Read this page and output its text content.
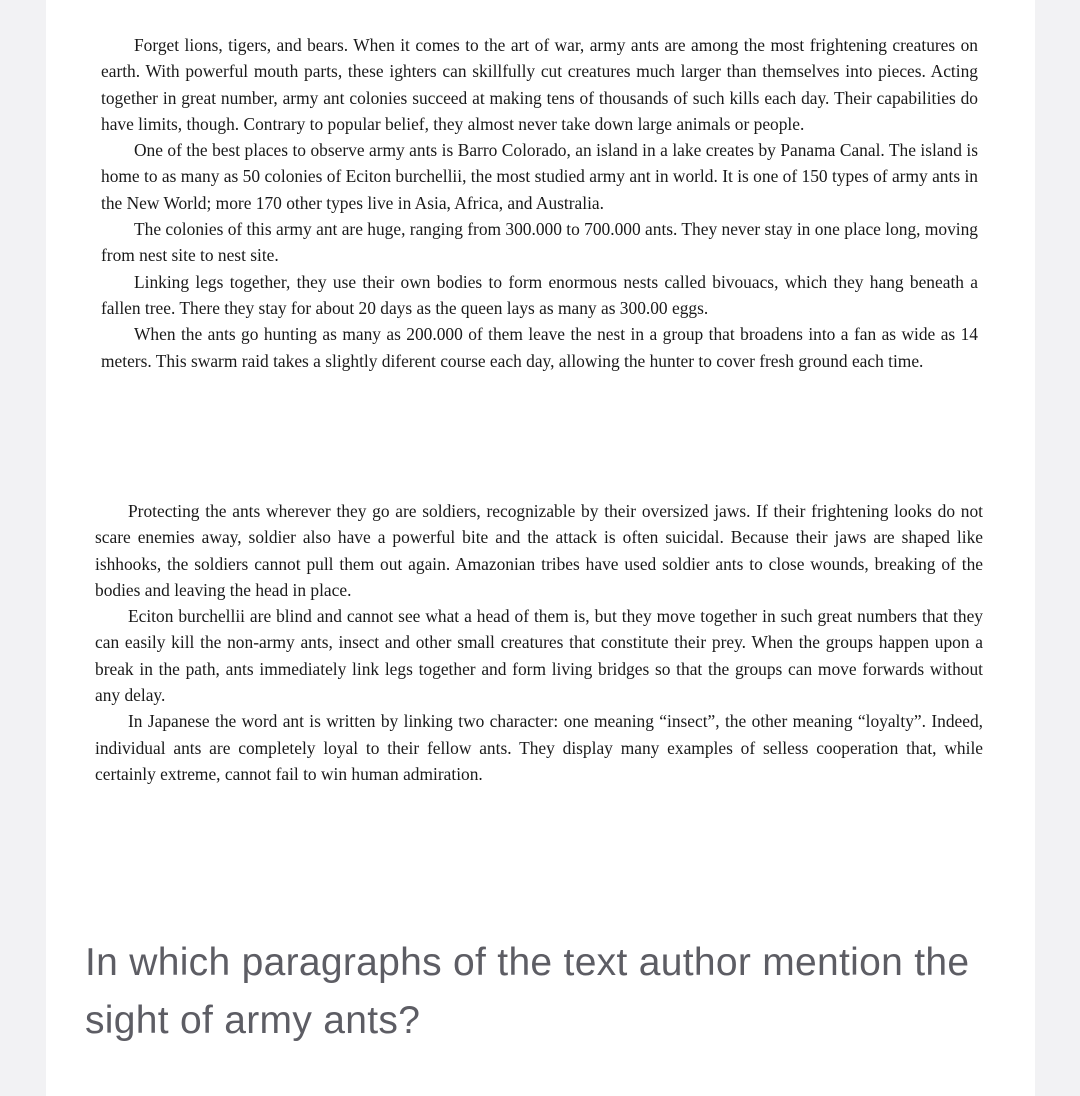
Forget lions, tigers, and bears. When it comes to the art of war, army ants are among the most frightening creatures on earth. With powerful mouth parts, these ighters can skillfully cut creatures much larger than themselves into pieces. Acting together in great number, army ant colonies succeed at making tens of thousands of such kills each day. Their capabilities do have limits, though. Contrary to popular belief, they almost never take down large animals or people.

One of the best places to observe army ants is Barro Colorado, an island in a lake creates by Panama Canal. The island is home to as many as 50 colonies of Eciton burchellii, the most studied army ant in world. It is one of 150 types of army ants in the New World; more 170 other types live in Asia, Africa, and Australia.

The colonies of this army ant are huge, ranging from 300.000 to 700.000 ants. They never stay in one place long, moving from nest site to nest site.

Linking legs together, they use their own bodies to form enormous nests called bivouacs, which they hang beneath a fallen tree. There they stay for about 20 days as the queen lays as many as 300.00 eggs.

When the ants go hunting as many as 200.000 of them leave the nest in a group that broadens into a fan as wide as 14 meters. This swarm raid takes a slightly diferent course each day, allowing the hunter to cover fresh ground each time.

Protecting the ants wherever they go are soldiers, recognizable by their oversized jaws. If their frightening looks do not scare enemies away, soldier also have a powerful bite and the attack is often suicidal. Because their jaws are shaped like ishhooks, the soldiers cannot pull them out again. Amazonian tribes have used soldier ants to close wounds, breaking of the bodies and leaving the head in place.

Eciton burchellii are blind and cannot see what a head of them is, but they move together in such great numbers that they can easily kill the non-army ants, insect and other small creatures that constitute their prey. When the groups happen upon a break in the path, ants immediately link legs together and form living bridges so that the groups can move forwards without any delay.

In Japanese the word ant is written by linking two character: one meaning “insect”, the other meaning “loyalty”. Indeed, individual ants are completely loyal to their fellow ants. They display many examples of selless cooperation that, while certainly extreme, cannot fail to win human admiration.

In which paragraphs of the text author mention the sight of army ants?
